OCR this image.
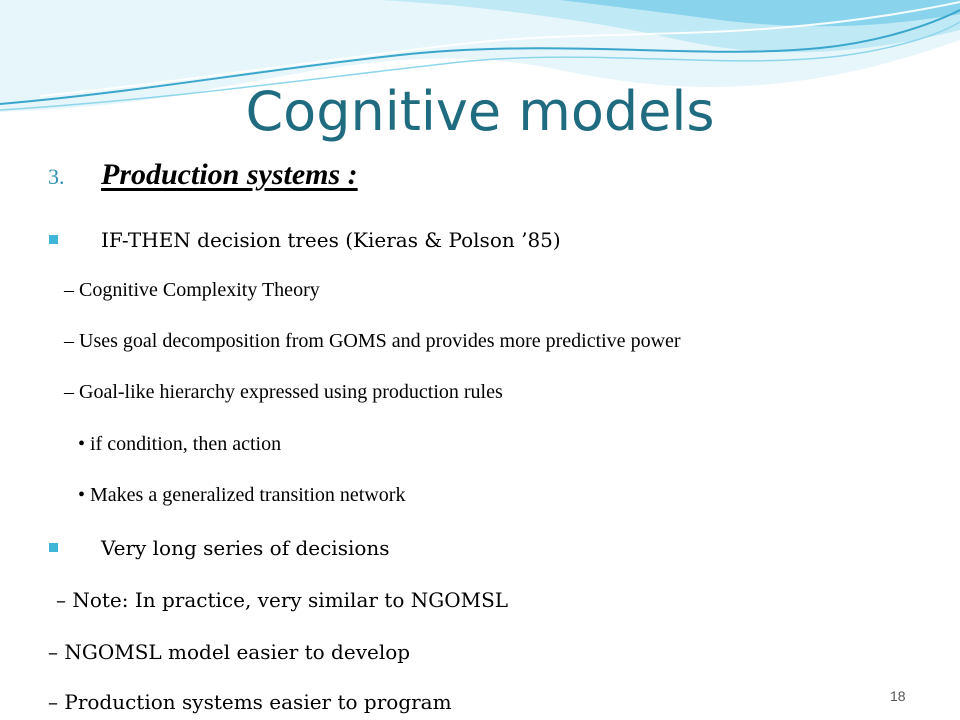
Cognitive models
3. Production systems :
IF-THEN decision trees (Kieras & Polson ’85)
– Cognitive Complexity Theory
– Uses goal decomposition from GOMS and provides more predictive power
– Goal-like hierarchy expressed using production rules
• if condition, then action
• Makes a generalized transition network
Very long series of decisions
– Note: In practice, very similar to NGOMSL
– NGOMSL model easier to develop
– Production systems easier to program	18
